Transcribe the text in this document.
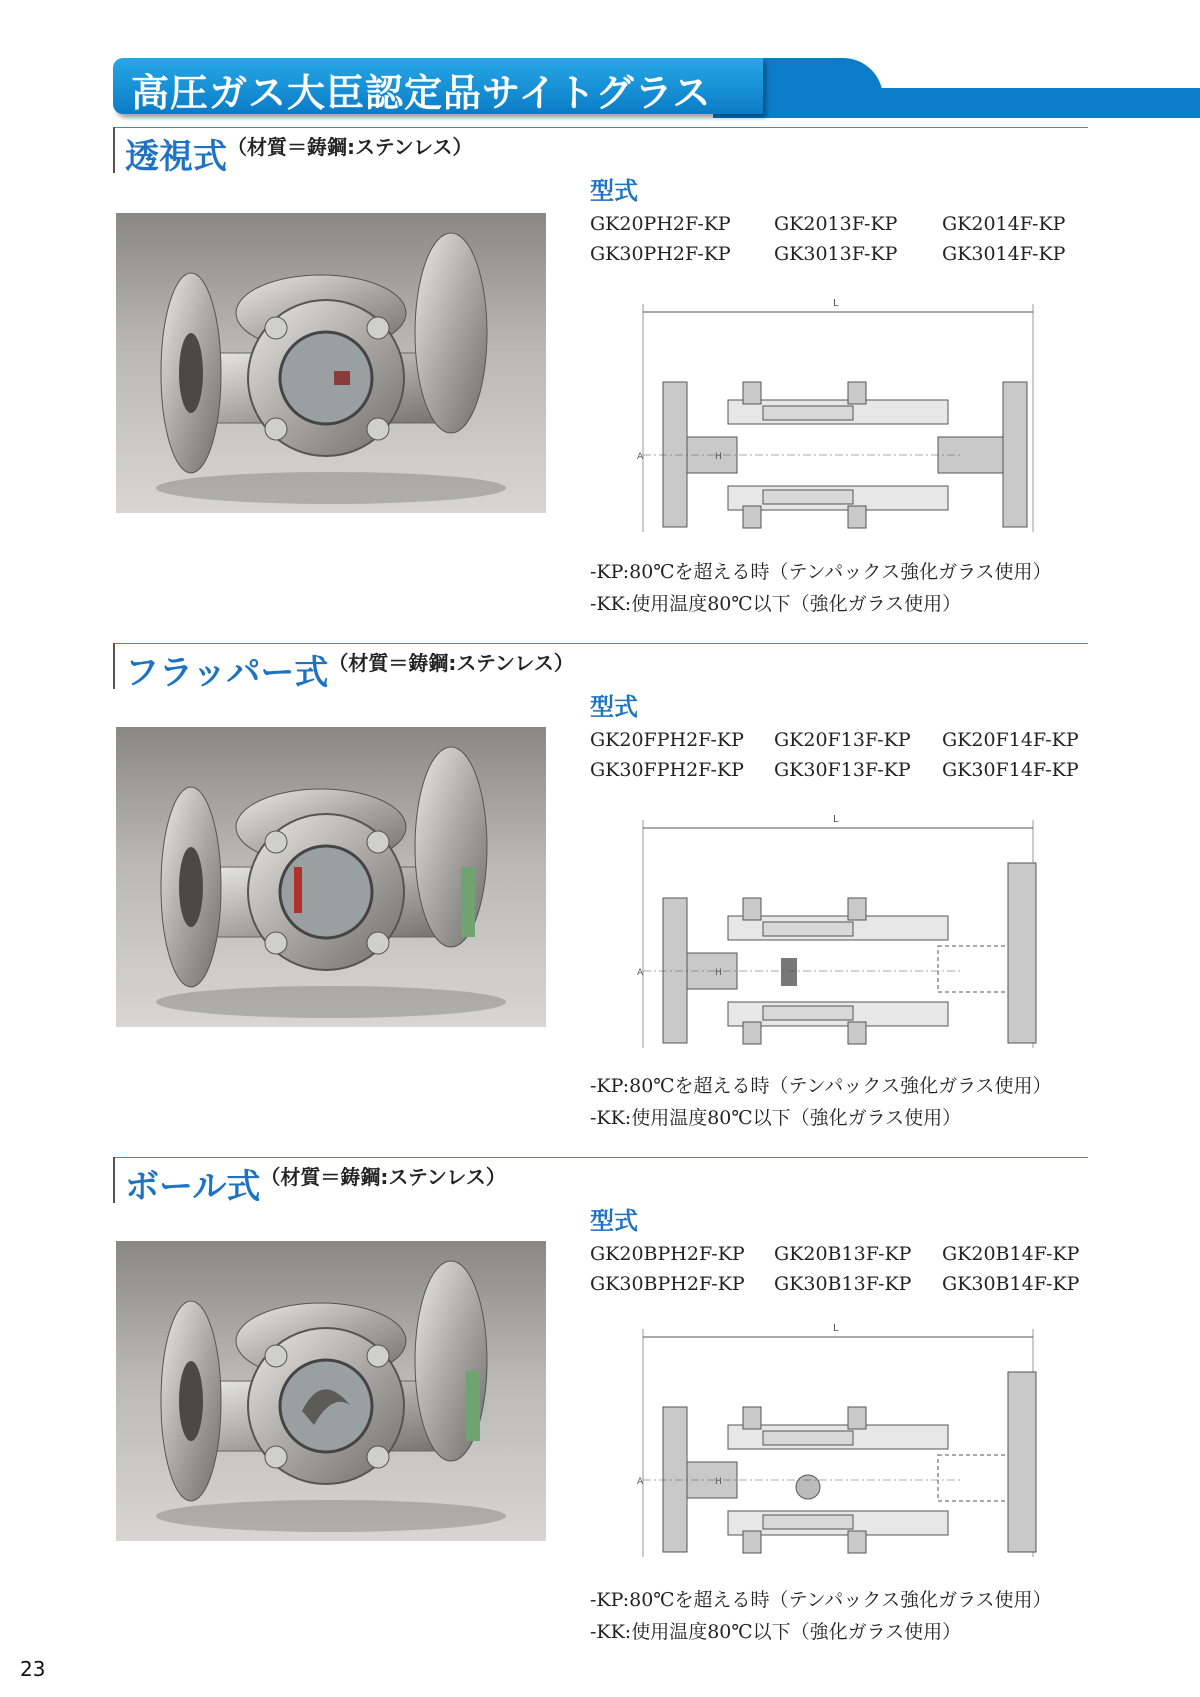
高圧ガス大臣認定品サイトグラス
透視式$^{(材質=鋳鋼:ステンレス)}$
型式
GK20PH2F-KP GK2013F-KP GK2014F-KP
GK30PH2F-KP GK3013F-KP GK3014F-KP
L
A	H
-KP:80℃を超える時（テンパックス強化ガラス使用）
-KK:使用温度80℃以下（強化ガラス使用）
フラッパー式$^{(材質=鋳鋼:ステンレス)}$
型式
GK20FPH2F-KP GK20F13F-KP GK20F14F-KP
GK30FPH2F-KP GK30F13F-KP GK30F14F-KP
L
A	H
-KP:80℃を超える時（テンパックス強化ガラス使用）
-KK:使用温度80℃以下（強化ガラス使用）
ボール式$^{(材質=鋳鋼:ステンレス)}$
型式
GK20BPH2F-KP GK20B13F-KP GK20B14F-KP
GK30BPH2F-KP GK30B13F-KP GK30B14F-KP
L
A	H
-KP:80℃を超える時（テンパックス強化ガラス使用）
-KK:使用温度80℃以下（強化ガラス使用）
23
